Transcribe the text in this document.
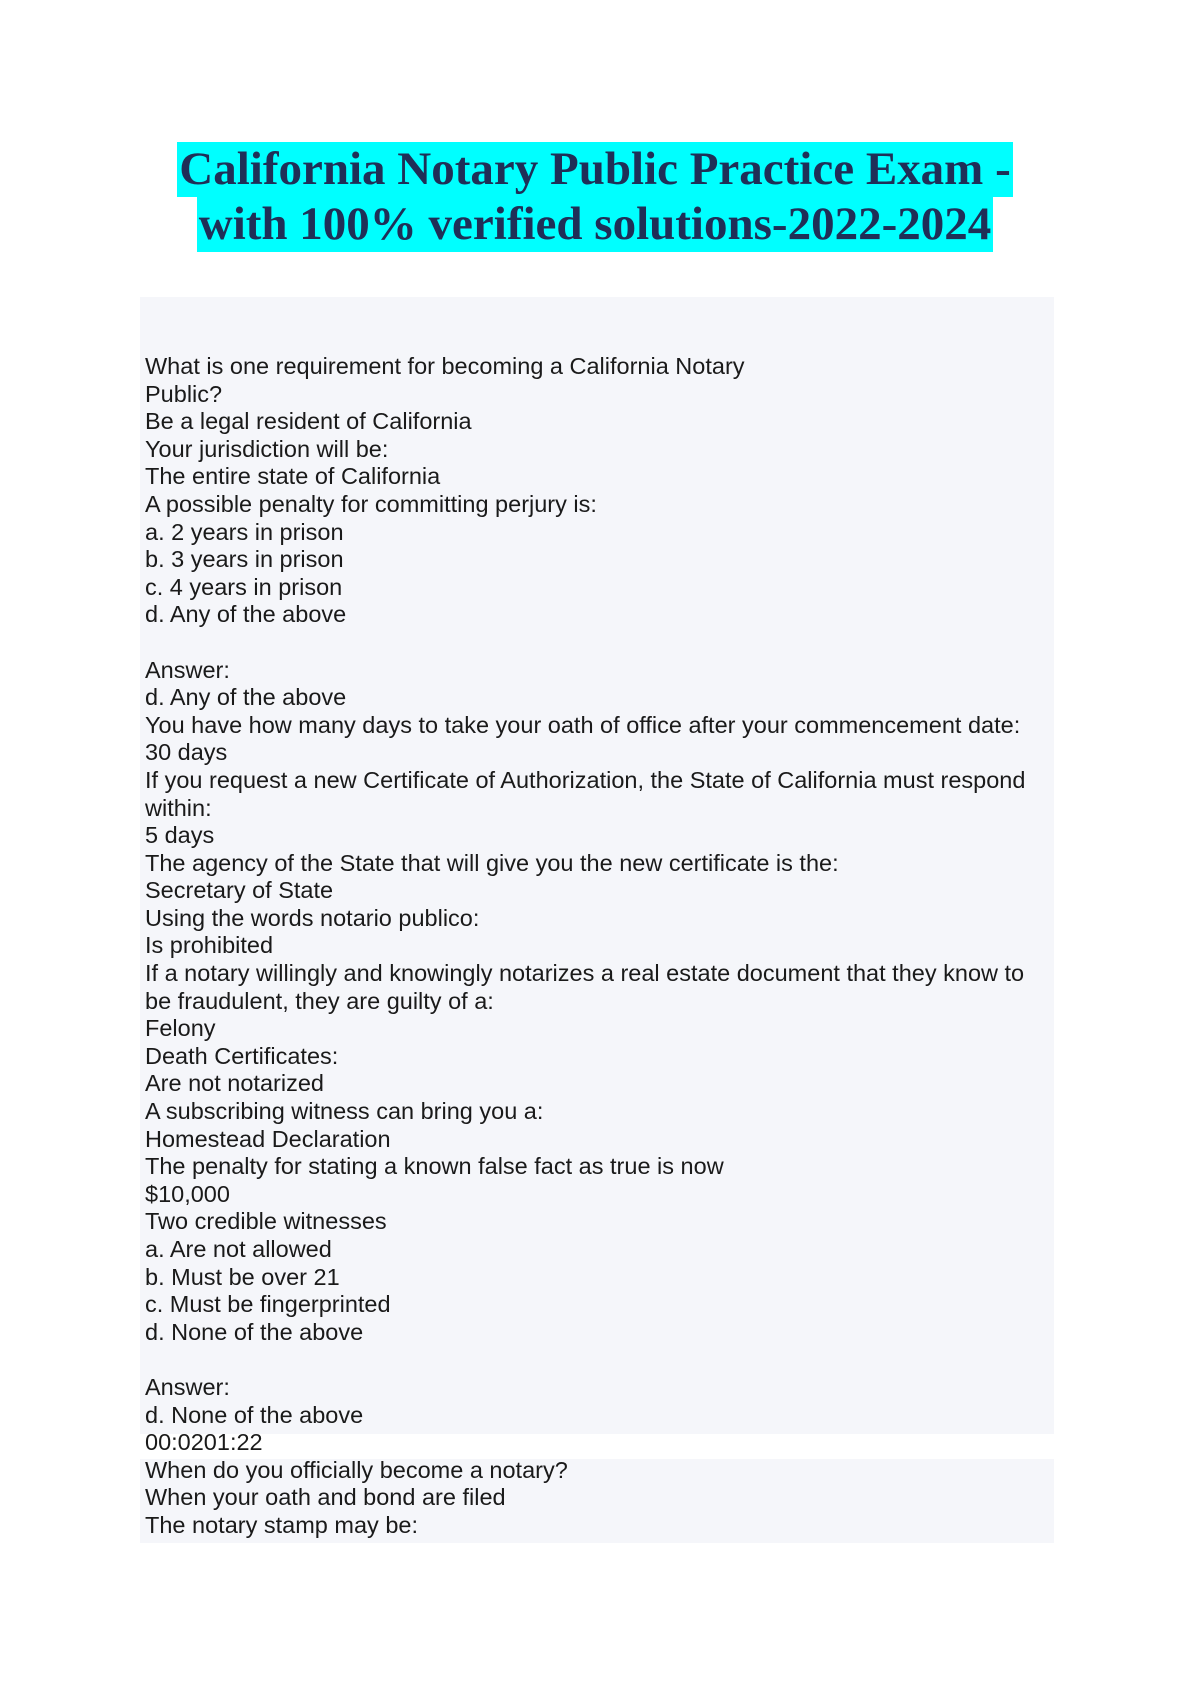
California Notary Public Practice Exam -
with 100% verified solutions-2022-2024
What is one requirement for becoming a California Notary
Public?
Be a legal resident of California
Your jurisdiction will be:
The entire state of California
A possible penalty for committing perjury is:
a. 2 years in prison
b. 3 years in prison
c. 4 years in prison
d. Any of the above
Answer:
d. Any of the above
You have how many days to take your oath of office after your commencement date:
30 days
If you request a new Certificate of Authorization, the State of California must respond
within:
5 days
The agency of the State that will give you the new certificate is the:
Secretary of State
Using the words notario publico:
Is prohibited
If a notary willingly and knowingly notarizes a real estate document that they know to
be fraudulent, they are guilty of a:
Felony
Death Certificates:
Are not notarized
A subscribing witness can bring you a:
Homestead Declaration
The penalty for stating a known false fact as true is now
$10,000
Two credible witnesses
a. Are not allowed
b. Must be over 21
c. Must be fingerprinted
d. None of the above
Answer:
d. None of the above
00:0201:22
When do you officially become a notary?
When your oath and bond are filed
The notary stamp may be:
